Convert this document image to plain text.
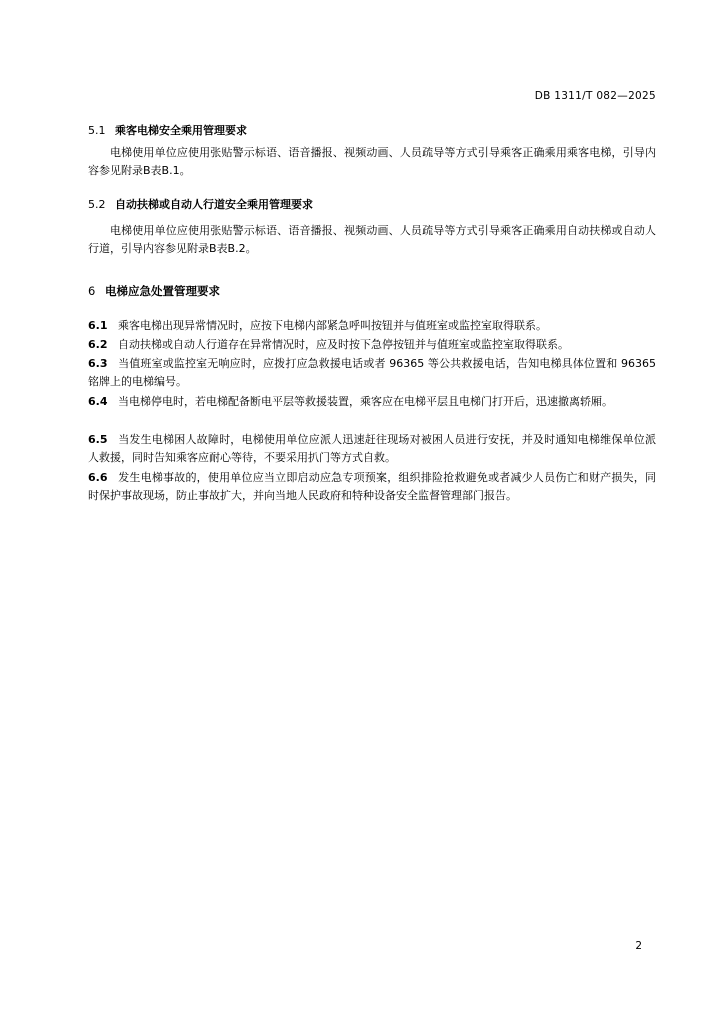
DB 1311/T 082—2025
5.1 乘客电梯安全乘用管理要求
电梯使用单位应使用张贴警示标语、语音播报、视频动画、人员疏导等方式引导乘客正确乘用乘客电梯，引导内容参见附录B表B.1。
5.2 自动扶梯或自动人行道安全乘用管理要求
电梯使用单位应使用张贴警示标语、语音播报、视频动画、人员疏导等方式引导乘客正确乘用自动扶梯或自动人行道，引导内容参见附录B表B.2。
6 电梯应急处置管理要求
6.1 乘客电梯出现异常情况时，应按下电梯内部紧急呼叫按钮并与值班室或监控室取得联系。
6.2 自动扶梯或自动人行道存在异常情况时，应及时按下急停按钮并与值班室或监控室取得联系。
6.3 当值班室或监控室无响应时，应拨打应急救援电话或者 96365 等公共救援电话，告知电梯具体位置和 96365 铭牌上的电梯编号。
6.4 当电梯停电时，若电梯配备断电平层等救援装置，乘客应在电梯平层且电梯门打开后，迅速撤离轿厢。
6.5 当发生电梯困人故障时，电梯使用单位应派人迅速赶往现场对被困人员进行安抚，并及时通知电梯维保单位派人救援，同时告知乘客应耐心等待，不要采用扒门等方式自救。
6.6 发生电梯事故的，使用单位应当立即启动应急专项预案，组织排险抢救避免或者减少人员伤亡和财产损失，同时保护事故现场，防止事故扩大，并向当地人民政府和特种设备安全监督管理部门报告。
2
